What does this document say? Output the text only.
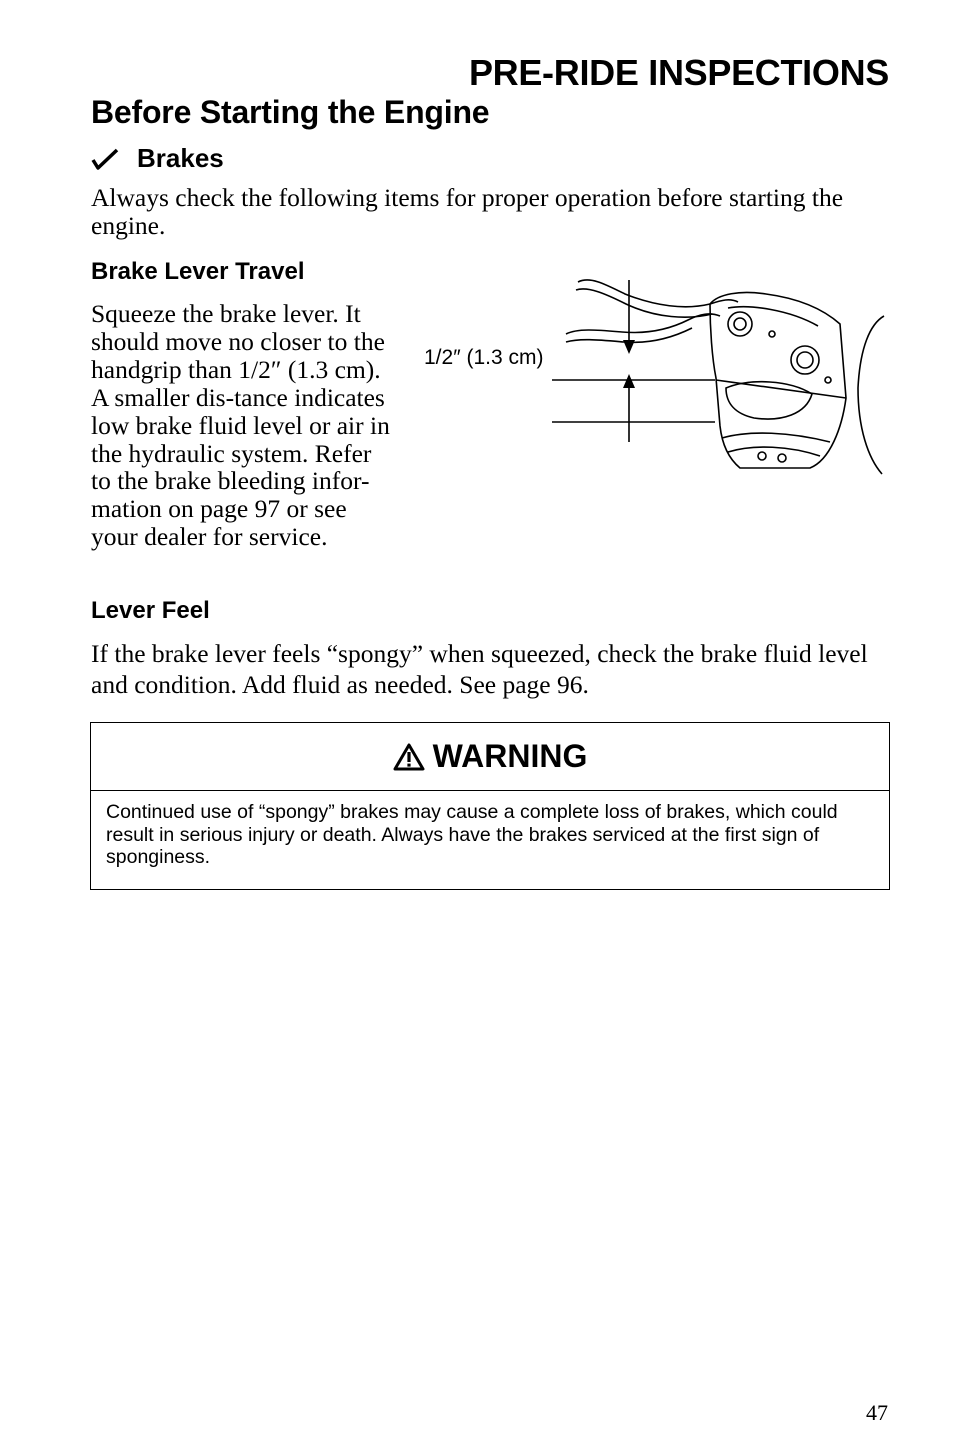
PRE-RIDE INSPECTIONS
Before Starting the Engine
Brakes
Always check the following items for proper operation before starting the engine.
Brake Lever Travel
Squeeze the brake lever. It should move no closer to the handgrip than 1/2″ (1.3 cm). A smaller dis-tance indicates low brake fluid level or air in the hydraulic system. Refer to the brake bleeding infor-mation on page 97 or see your dealer for service.
1/2″ (1.3 cm)
Lever Feel
If the brake lever feels “spongy” when squeezed, check the brake fluid level and condition. Add fluid as needed. See page 96.
WARNING
Continued use of “spongy” brakes may cause a complete loss of brakes, which could result in serious injury or death. Always have the brakes serviced at the first sign of sponginess.
47
